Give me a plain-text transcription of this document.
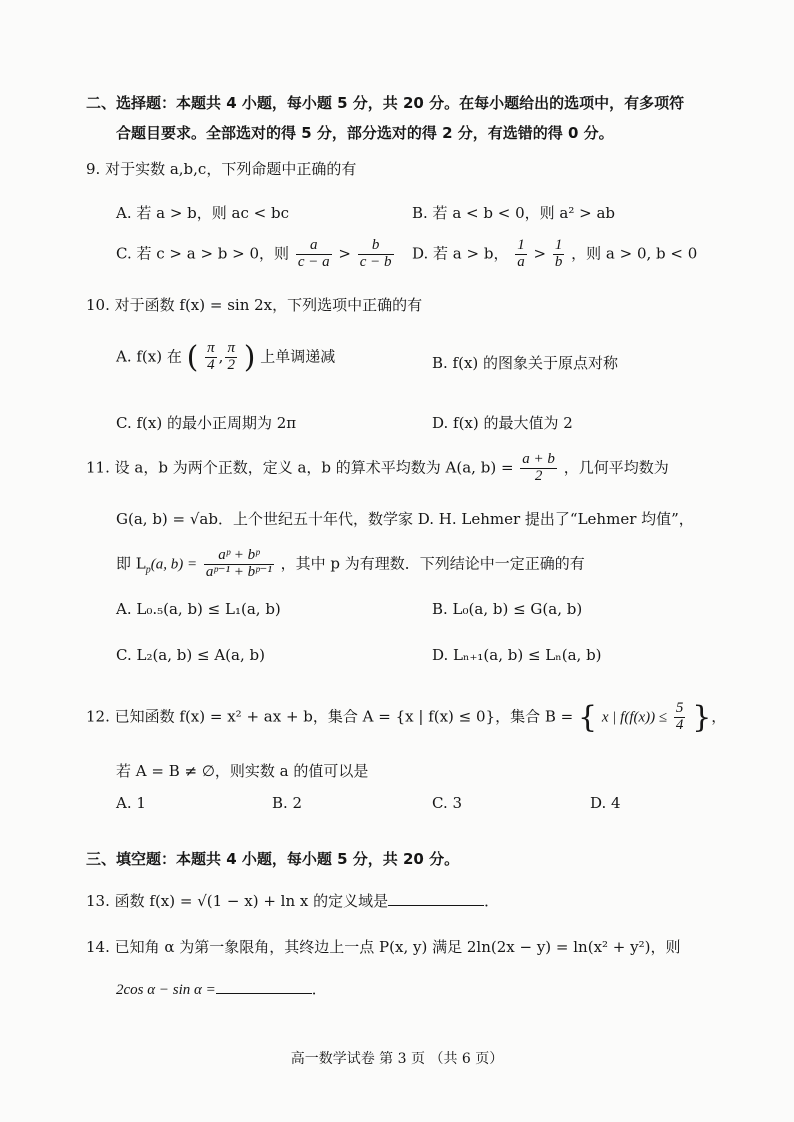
二、选择题：本题共 4 小题，每小题 5 分，共 20 分。在每小题给出的选项中，有多项符
合题目要求。全部选对的得 5 分，部分选对的得 2 分，有选错的得 0 分。
9. 对于实数 a,b,c，下列命题中正确的有
A. 若 a > b，则 ac < bc	B. 若 a < b < 0，则 a² > ab
C. 若 c > a > b > 0，则 $\frac{a}{c - a} > \frac{b}{c - b} D$. 若 a > b， $\frac{1}{a} > \frac{1}{b}$ ，则 a > 0, b < 0
10. 对于函数 f(x) = sin 2x，下列选项中正确的有
A. f(x) 在 ( $\frac{\pi}{4}$ , $\frac{\pi}{2}$ ) 上单调递减	B. f(x) 的图象关于原点对称
C. f(x) 的最小正周期为 2π	D. f(x) 的最大值为 2
11. 设 a，b 为两个正数，定义 a，b 的算术平均数为 A(a, $b) = \frac{a + b}{2}$ ，几何平均数为
G(a, b) = √ab．上个世纪五十年代，数学家 D. H. Lehmer 提出了“Lehmer 均值”，
即 $L_p(a$, $b) = \frac{\text{aᵖ + bᵖ}}{\text{aᵖ⁻¹ + bᵖ⁻¹}}$ ，其中 p 为有理数．下列结论中一定正确的有
A. L₀.₅(a, b) ≤ L₁(a, b)	B. L₀(a, b) ≤ G(a, b)
C. L₂(a, b) ≤ A(a, b)	D. Lₙ₊₁(a, b) ≤ Lₙ(a, b)
12. 已知函数 f(x) = x² + ax + b，集合 A = {x | f(x) ≤ 0}，集合 B = { x | $f(f(x)) \le \frac{5}{4}$ }，
若 A = B ≠ ∅，则实数 a 的值可以是
A. 1	B. 2	C. 3	D. 4
三、填空题：本题共 4 小题，每小题 5 分，共 20 分。
13. 函数 f(x) = √(1 − x) + ln x 的定义域是	．
14. 已知角 α 为第一象限角，其终边上一点 P(x, y) 满足 2ln(2x − y) = ln(x² + y²)，则
2cos α − sin α =	．
高一数学试卷 第 3 页 （共 6 页）
